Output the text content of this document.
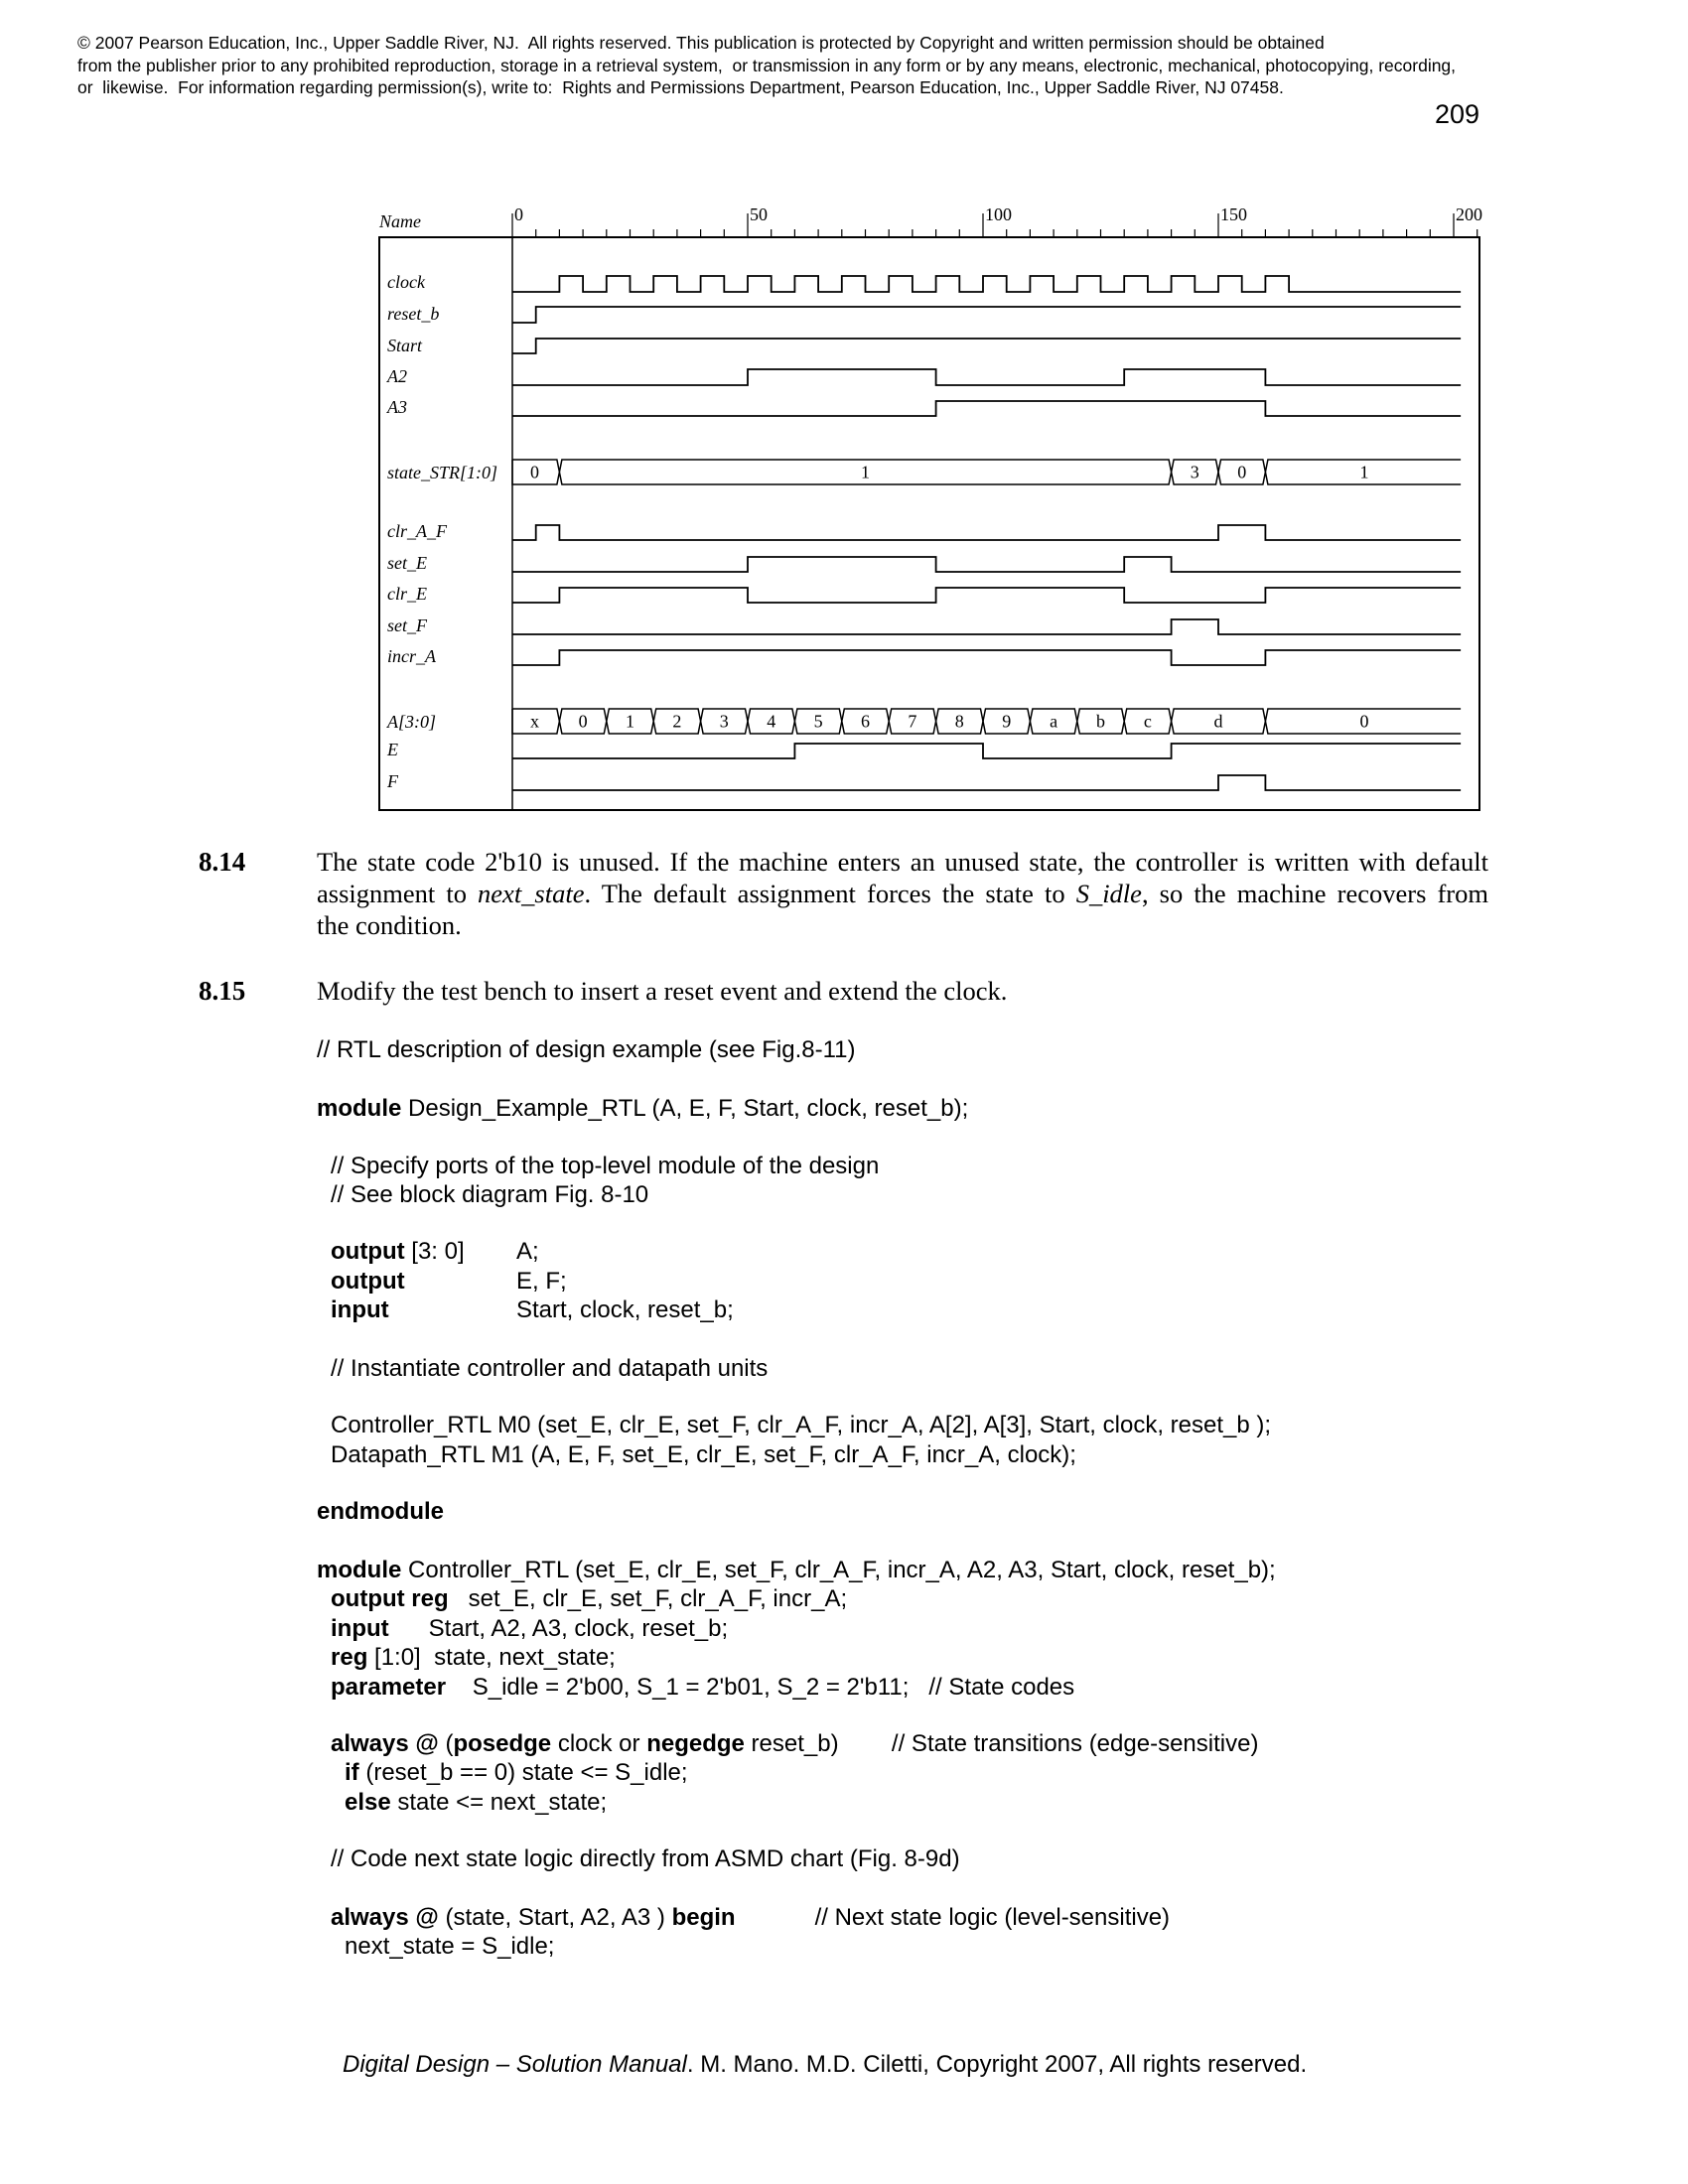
© 2007 Pearson Education, Inc., Upper Saddle River, NJ.  All rights reserved. This publication is protected by Copyright and written permission should be obtained
from the publisher prior to any prohibited reproduction, storage in a retrieval system,  or transmission in any form or by any means, electronic, mechanical, photocopying, recording,
or  likewise.  For information regarding permission(s), write to:  Rights and Permissions Department, Pearson Education, Inc., Upper Saddle River, NJ 07458.
209
Name	0	50	100	150	200
clock
reset_b
Start
A2
A3
state_STR[1:0] 0	1	3 0	1
clr_A_F
set_E
clr_E
set_F
incr_A
A[3:0]	x 0 1 2 3 4 5 6 7 8 9 a b c	d	0
E
F
8.14	The state code 2'b10 is unused. If the machine enters an unused state, the controller is written with default
assignment to next_state. The default assignment forces the state to S_idle, so the machine recovers from
the condition.
8.15	Modify the test bench to insert a reset event and extend the clock.
// RTL description of design example (see Fig.8-11)
module Design_Example_RTL (A, E, F, Start, clock, reset_b);
// Specify ports of the top-level module of the design
// See block diagram Fig. 8-10
output [3: 0] A;
output	E, F;
input	Start, clock, reset_b;
// Instantiate controller and datapath units
Controller_RTL M0 (set_E, clr_E, set_F, clr_A_F, incr_A, A[2], A[3], Start, clock, reset_b );
Datapath_RTL M1 (A, E, F, set_E, clr_E, set_F, clr_A_F, incr_A, clock);
endmodule
module Controller_RTL (set_E, clr_E, set_F, clr_A_F, incr_A, A2, A3, Start, clock, reset_b);
output reg   set_E, clr_E, set_F, clr_A_F, incr_A;
input      Start, A2, A3, clock, reset_b;
reg [1:0]  state, next_state;
parameter    S_idle = 2'b00, S_1 = 2'b01, S_2 = 2'b11;   // State codes
always @ (posedge clock or negedge reset_b)        // State transitions (edge-sensitive)
if (reset_b == 0) state <= S_idle;
else state <= next_state;
// Code next state logic directly from ASMD chart (Fig. 8-9d)
always @ (state, Start, A2, A3 ) begin            // Next state logic (level-sensitive)
next_state = S_idle;
Digital Design – Solution Manual. M. Mano. M.D. Ciletti, Copyright 2007, All rights reserved.
